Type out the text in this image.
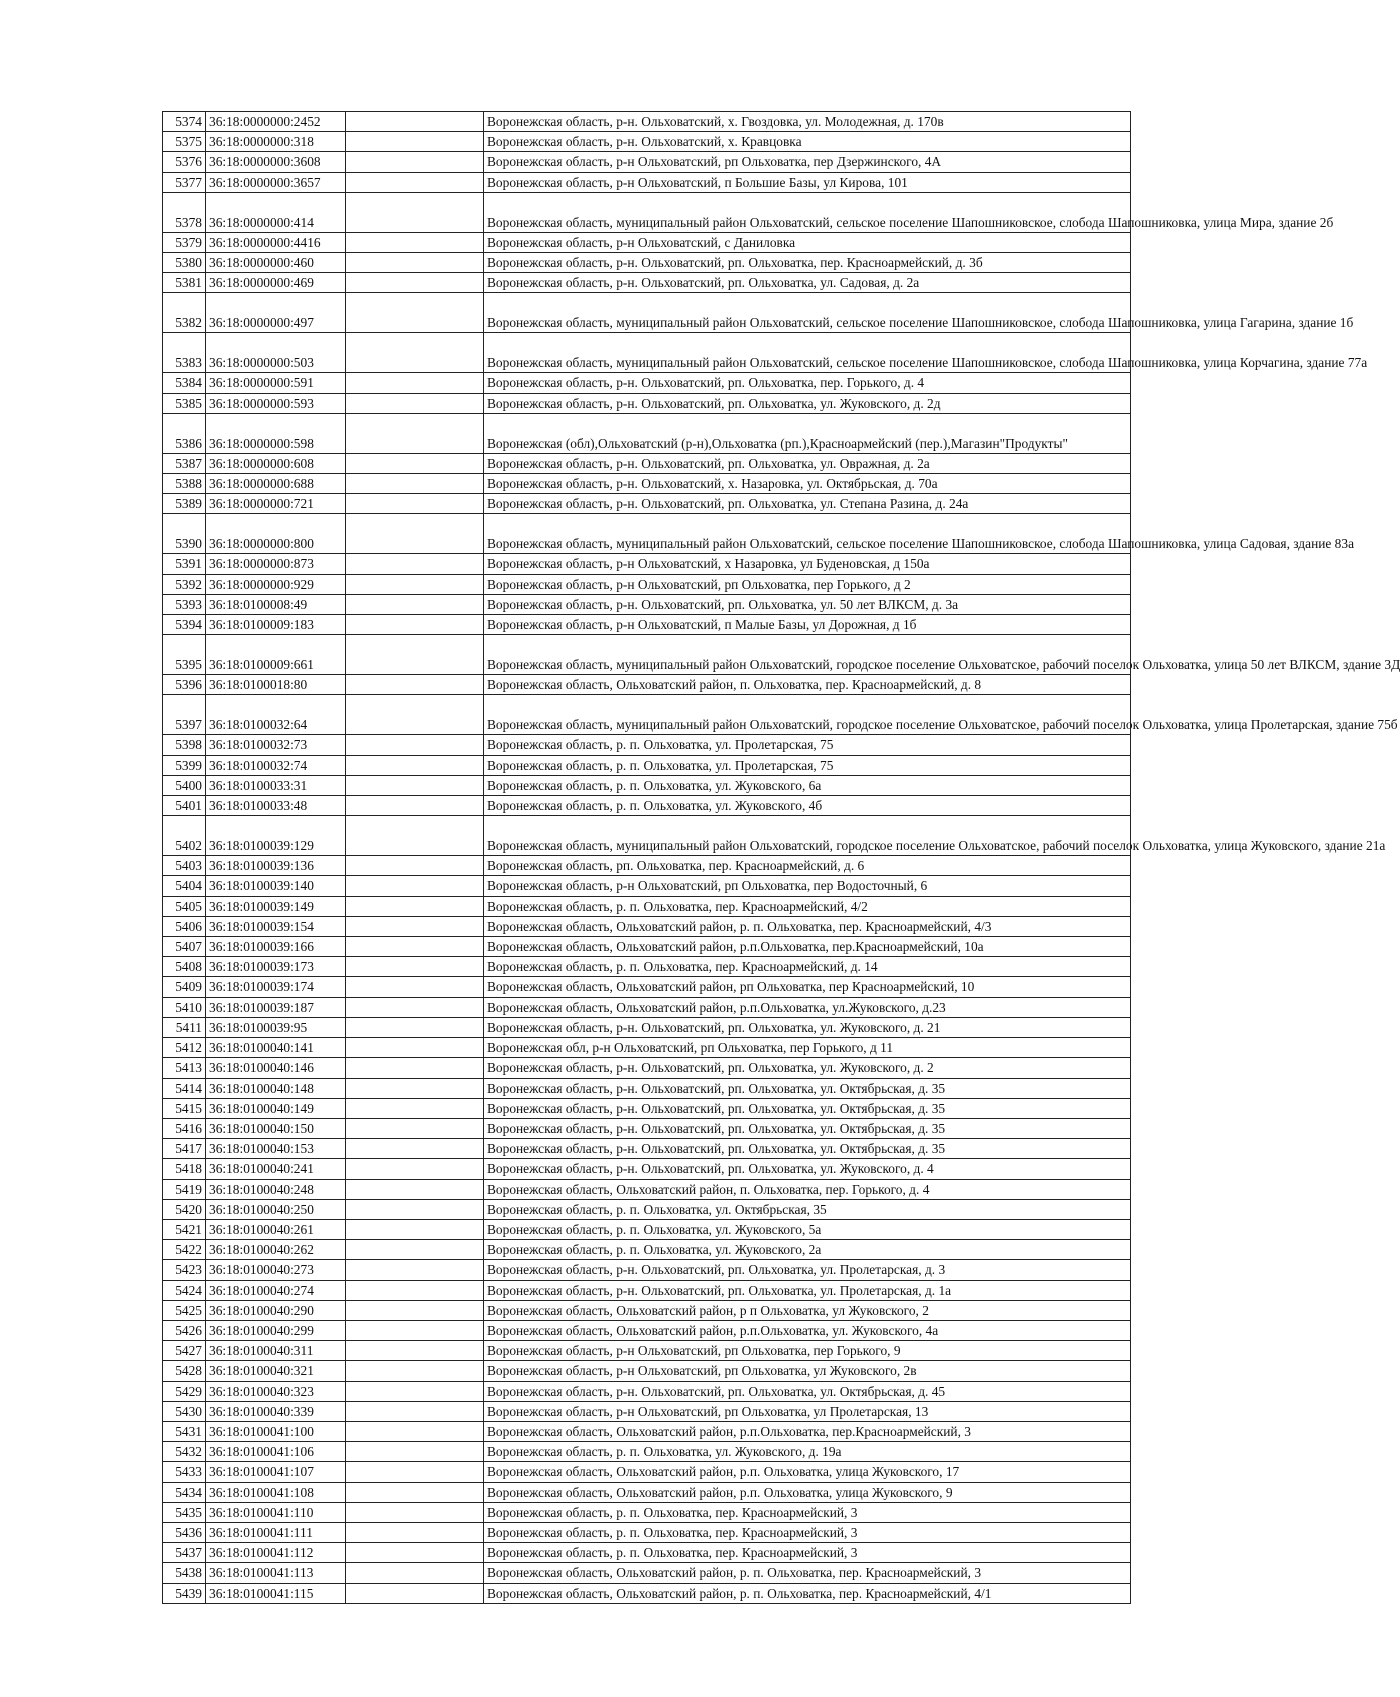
5374	36:18:0000000:2452		Воронежская область, р-н. Ольховатский, х. Гвоздовка, ул. Молодежная, д. 170в
5375	36:18:0000000:318		Воронежская область, р-н. Ольховатский, х. Кравцовка
5376	36:18:0000000:3608		Воронежская область, р-н Ольховатский, рп Ольховатка, пер Дзержинского, 4А
5377	36:18:0000000:3657		Воронежская область, р-н Ольховатский, п Большие Базы, ул Кирова, 101
5378	36:18:0000000:414		Воронежская область, муниципальный район Ольховатский, сельское поселение Шапошниковское, слобода Шапошниковка, улица Мира, здание 2б
5379	36:18:0000000:4416		Воронежская область, р-н Ольховатский, с Даниловка
5380	36:18:0000000:460		Воронежская область, р-н. Ольховатский, рп. Ольховатка, пер. Красноармейский, д. 3б
5381	36:18:0000000:469		Воронежская область, р-н. Ольховатский, рп. Ольховатка, ул. Садовая, д. 2а
5382	36:18:0000000:497		Воронежская область, муниципальный район Ольховатский, сельское поселение Шапошниковское, слобода Шапошниковка, улица Гагарина, здание 1б
5383	36:18:0000000:503		Воронежская область, муниципальный район Ольховатский, сельское поселение Шапошниковское, слобода Шапошниковка, улица Корчагина, здание 77а
5384	36:18:0000000:591		Воронежская область, р-н. Ольховатский, рп. Ольховатка, пер. Горького, д. 4
5385	36:18:0000000:593		Воронежская область, р-н. Ольховатский, рп. Ольховатка, ул. Жуковского, д. 2д
5386	36:18:0000000:598		Воронежская (обл),Ольховатский (р-н),Ольховатка (рп.),Красноармейский (пер.),Магазин"Продукты"
5387	36:18:0000000:608		Воронежская область, р-н. Ольховатский, рп. Ольховатка, ул. Овражная, д. 2а
5388	36:18:0000000:688		Воронежская область, р-н. Ольховатский, х. Назаровка, ул. Октябрьская, д. 70а
5389	36:18:0000000:721		Воронежская область, р-н. Ольховатский, рп. Ольховатка, ул. Степана Разина, д. 24а
5390	36:18:0000000:800		Воронежская область, муниципальный район Ольховатский, сельское поселение Шапошниковское, слобода Шапошниковка, улица Садовая, здание 83а
5391	36:18:0000000:873		Воронежская область, р-н Ольховатский, х Назаровка, ул Буденовская, д 150а
5392	36:18:0000000:929		Воронежская область, р-н Ольховатский, рп Ольховатка, пер Горького, д 2
5393	36:18:0100008:49		Воронежская область, р-н. Ольховатский, рп. Ольховатка, ул. 50 лет ВЛКСМ, д. 3а
5394	36:18:0100009:183		Воронежская область, р-н Ольховатский, п Малые Базы, ул Дорожная, д 1б
5395	36:18:0100009:661		Воронежская область, муниципальный район Ольховатский, городское поселение Ольховатское, рабочий поселок Ольховатка, улица 50 лет ВЛКСМ, здание 3Д
5396	36:18:0100018:80		Воронежская область, Ольховатский район, п. Ольховатка, пер. Красноармейский, д. 8
5397	36:18:0100032:64		Воронежская область, муниципальный район Ольховатский, городское поселение Ольховатское, рабочий поселок Ольховатка, улица Пролетарская, здание 75б
5398	36:18:0100032:73		Воронежская область, р. п. Ольховатка, ул. Пролетарская, 75
5399	36:18:0100032:74		Воронежская область, р. п. Ольховатка, ул. Пролетарская, 75
5400	36:18:0100033:31		Воронежская область, р. п. Ольховатка, ул. Жуковского, 6а
5401	36:18:0100033:48		Воронежская область, р. п. Ольховатка, ул. Жуковского, 4б
5402	36:18:0100039:129		Воронежская область, муниципальный район Ольховатский, городское поселение Ольховатское, рабочий поселок Ольховатка, улица Жуковского, здание 21а
5403	36:18:0100039:136		Воронежская область, рп. Ольховатка, пер. Красноармейский, д. 6
5404	36:18:0100039:140		Воронежская область, р-н Ольховатский, рп Ольховатка, пер Водосточный, 6
5405	36:18:0100039:149		Воронежская область, р. п. Ольховатка, пер. Красноармейский, 4/2
5406	36:18:0100039:154		Воронежская область, Ольховатский район, р. п. Ольховатка, пер. Красноармейский, 4/3
5407	36:18:0100039:166		Воронежская область, Ольховатский район, р.п.Ольховатка, пер.Красноармейский, 10а
5408	36:18:0100039:173		Воронежская область, р. п. Ольховатка, пер. Красноармейский, д. 14
5409	36:18:0100039:174		Воронежская область, Ольховатский район, рп Ольховатка, пер Красноармейский, 10
5410	36:18:0100039:187		Воронежская область, Ольховатский район, р.п.Ольховатка, ул.Жуковского, д.23
5411	36:18:0100039:95		Воронежская область, р-н. Ольховатский, рп. Ольховатка, ул. Жуковского, д. 21
5412	36:18:0100040:141		Воронежская обл, р-н Ольховатский, рп Ольховатка, пер Горького, д 11
5413	36:18:0100040:146		Воронежская область, р-н. Ольховатский, рп. Ольховатка, ул. Жуковского, д. 2
5414	36:18:0100040:148		Воронежская область, р-н. Ольховатский, рп. Ольховатка, ул. Октябрьская, д. 35
5415	36:18:0100040:149		Воронежская область, р-н. Ольховатский, рп. Ольховатка, ул. Октябрьская, д. 35
5416	36:18:0100040:150		Воронежская область, р-н. Ольховатский, рп. Ольховатка, ул. Октябрьская, д. 35
5417	36:18:0100040:153		Воронежская область, р-н. Ольховатский, рп. Ольховатка, ул. Октябрьская, д. 35
5418	36:18:0100040:241		Воронежская область, р-н. Ольховатский, рп. Ольховатка, ул. Жуковского, д. 4
5419	36:18:0100040:248		Воронежская область, Ольховатский район, п. Ольховатка, пер. Горького, д. 4
5420	36:18:0100040:250		Воронежская область, р. п. Ольховатка, ул. Октябрьская, 35
5421	36:18:0100040:261		Воронежская область, р. п. Ольховатка, ул. Жуковского, 5а
5422	36:18:0100040:262		Воронежская область, р. п. Ольховатка, ул. Жуковского, 2а
5423	36:18:0100040:273		Воронежская область, р-н. Ольховатский, рп. Ольховатка, ул. Пролетарская, д. 3
5424	36:18:0100040:274		Воронежская область, р-н. Ольховатский, рп. Ольховатка, ул. Пролетарская, д. 1а
5425	36:18:0100040:290		Воронежская область, Ольховатский район, р п Ольховатка, ул Жуковского, 2
5426	36:18:0100040:299		Воронежская область, Ольховатский район, р.п.Ольховатка, ул. Жуковского, 4а
5427	36:18:0100040:311		Воронежская область, р-н Ольховатский, рп Ольховатка, пер Горького, 9
5428	36:18:0100040:321		Воронежская область, р-н Ольховатский, рп Ольховатка, ул Жуковского, 2в
5429	36:18:0100040:323		Воронежская область, р-н. Ольховатский, рп. Ольховатка, ул. Октябрьская, д. 45
5430	36:18:0100040:339		Воронежская область, р-н Ольховатский, рп Ольховатка, ул Пролетарская, 13
5431	36:18:0100041:100		Воронежская область, Ольховатский район, р.п.Ольховатка, пер.Красноармейский, 3
5432	36:18:0100041:106		Воронежская область, р. п. Ольховатка, ул. Жуковского, д. 19а
5433	36:18:0100041:107		Воронежская область, Ольховатский район, р.п. Ольховатка, улица Жуковского, 17
5434	36:18:0100041:108		Воронежская область, Ольховатский район, р.п. Ольховатка, улица Жуковского, 9
5435	36:18:0100041:110		Воронежская область, р. п. Ольховатка, пер. Красноармейский, 3
5436	36:18:0100041:111		Воронежская область, р. п. Ольховатка, пер. Красноармейский, 3
5437	36:18:0100041:112		Воронежская область, р. п. Ольховатка, пер. Красноармейский, 3
5438	36:18:0100041:113		Воронежская область, Ольховатский район, р. п. Ольховатка, пер. Красноармейский, 3
5439	36:18:0100041:115		Воронежская область, Ольховатский район, р. п. Ольховатка, пер. Красноармейский, 4/1
